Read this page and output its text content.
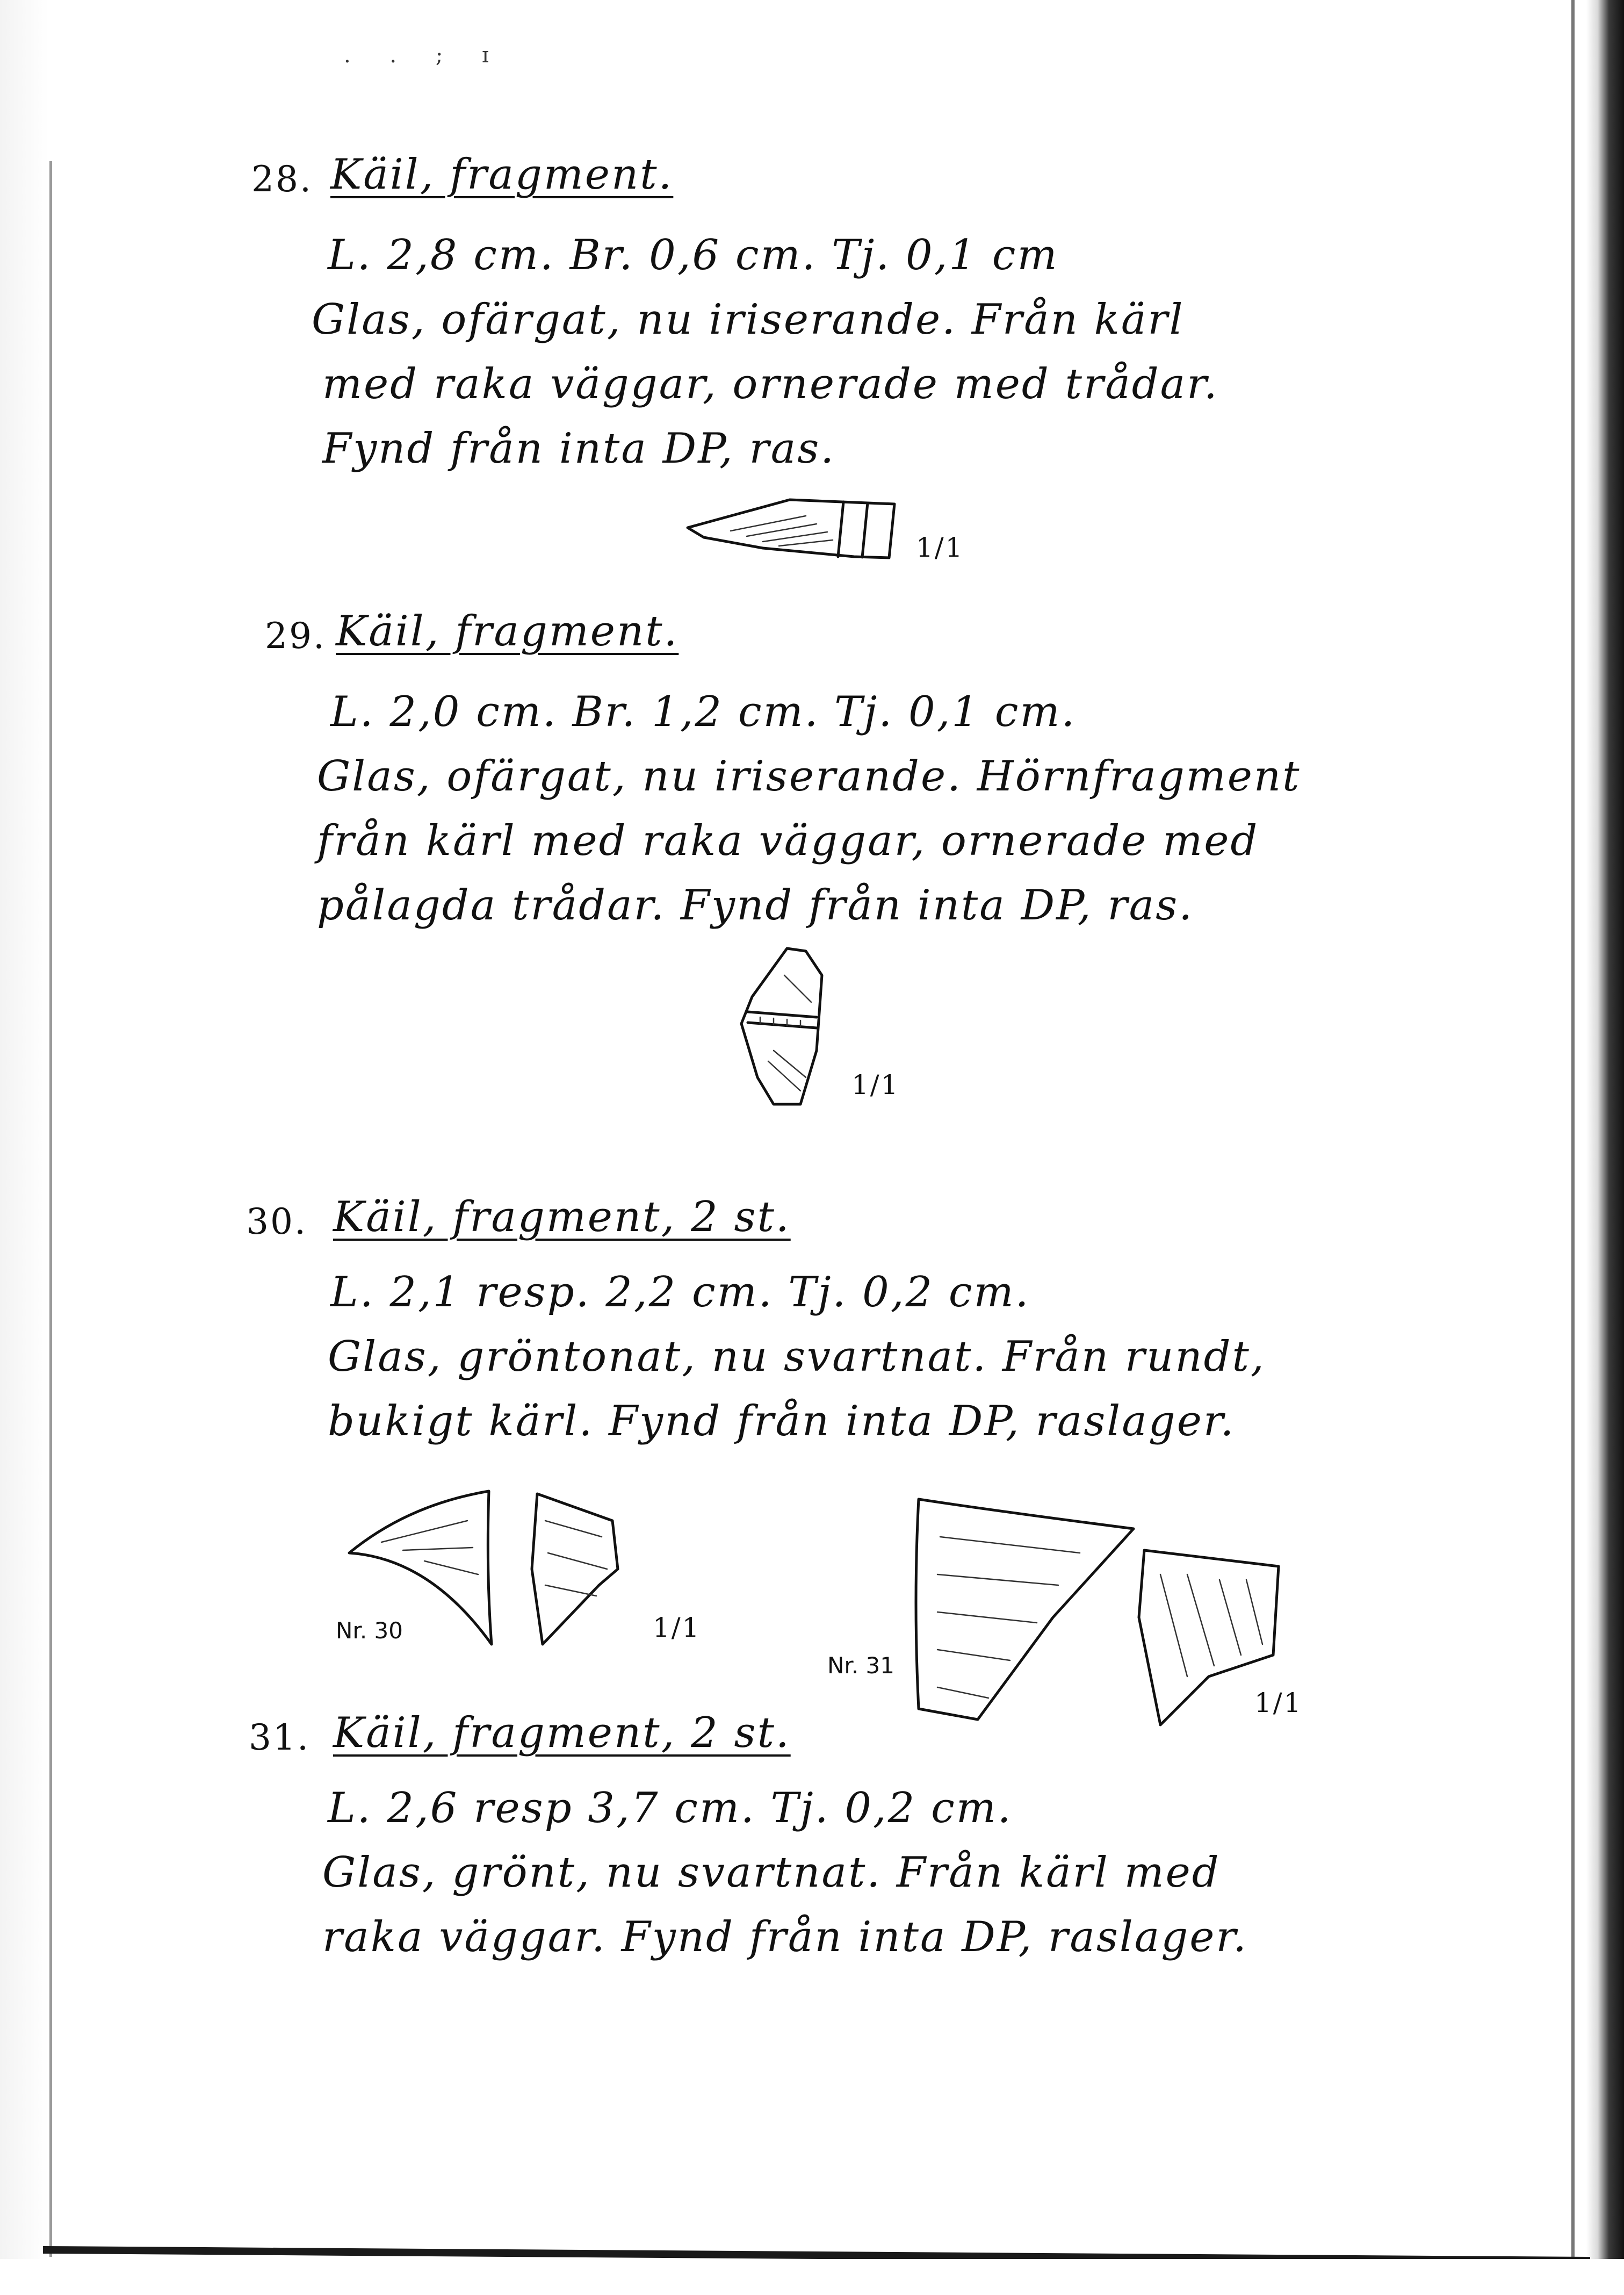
. . ; ɪ
28. Käil, fragment.
L. 2,8 cm. Br. 0,6 cm. Tj. 0,1 cm
Glas, ofärgat, nu iriserande. Från kärl
med raka väggar, ornerade med trådar.
Fynd från inta DP, ras.
1/1
29. Käil, fragment.
L. 2,0 cm. Br. 1,2 cm. Tj. 0,1 cm.
Glas, ofärgat, nu iriserande. Hörnfragment
från kärl med raka väggar, ornerade med
pålagda trådar. Fynd från inta DP, ras.
1/1
30. Käil, fragment, 2 st.
L. 2,1 resp. 2,2 cm. Tj. 0,2 cm.
Glas, gröntonat, nu svartnat. Från rundt,
bukigt kärl. Fynd från inta DP, raslager.
Nr. 30	1/1
Nr. 31
1/1
31. Käil, fragment, 2 st.
L. 2,6 resp 3,7 cm. Tj. 0,2 cm.
Glas, grönt, nu svartnat. Från kärl med
raka väggar. Fynd från inta DP, raslager.
